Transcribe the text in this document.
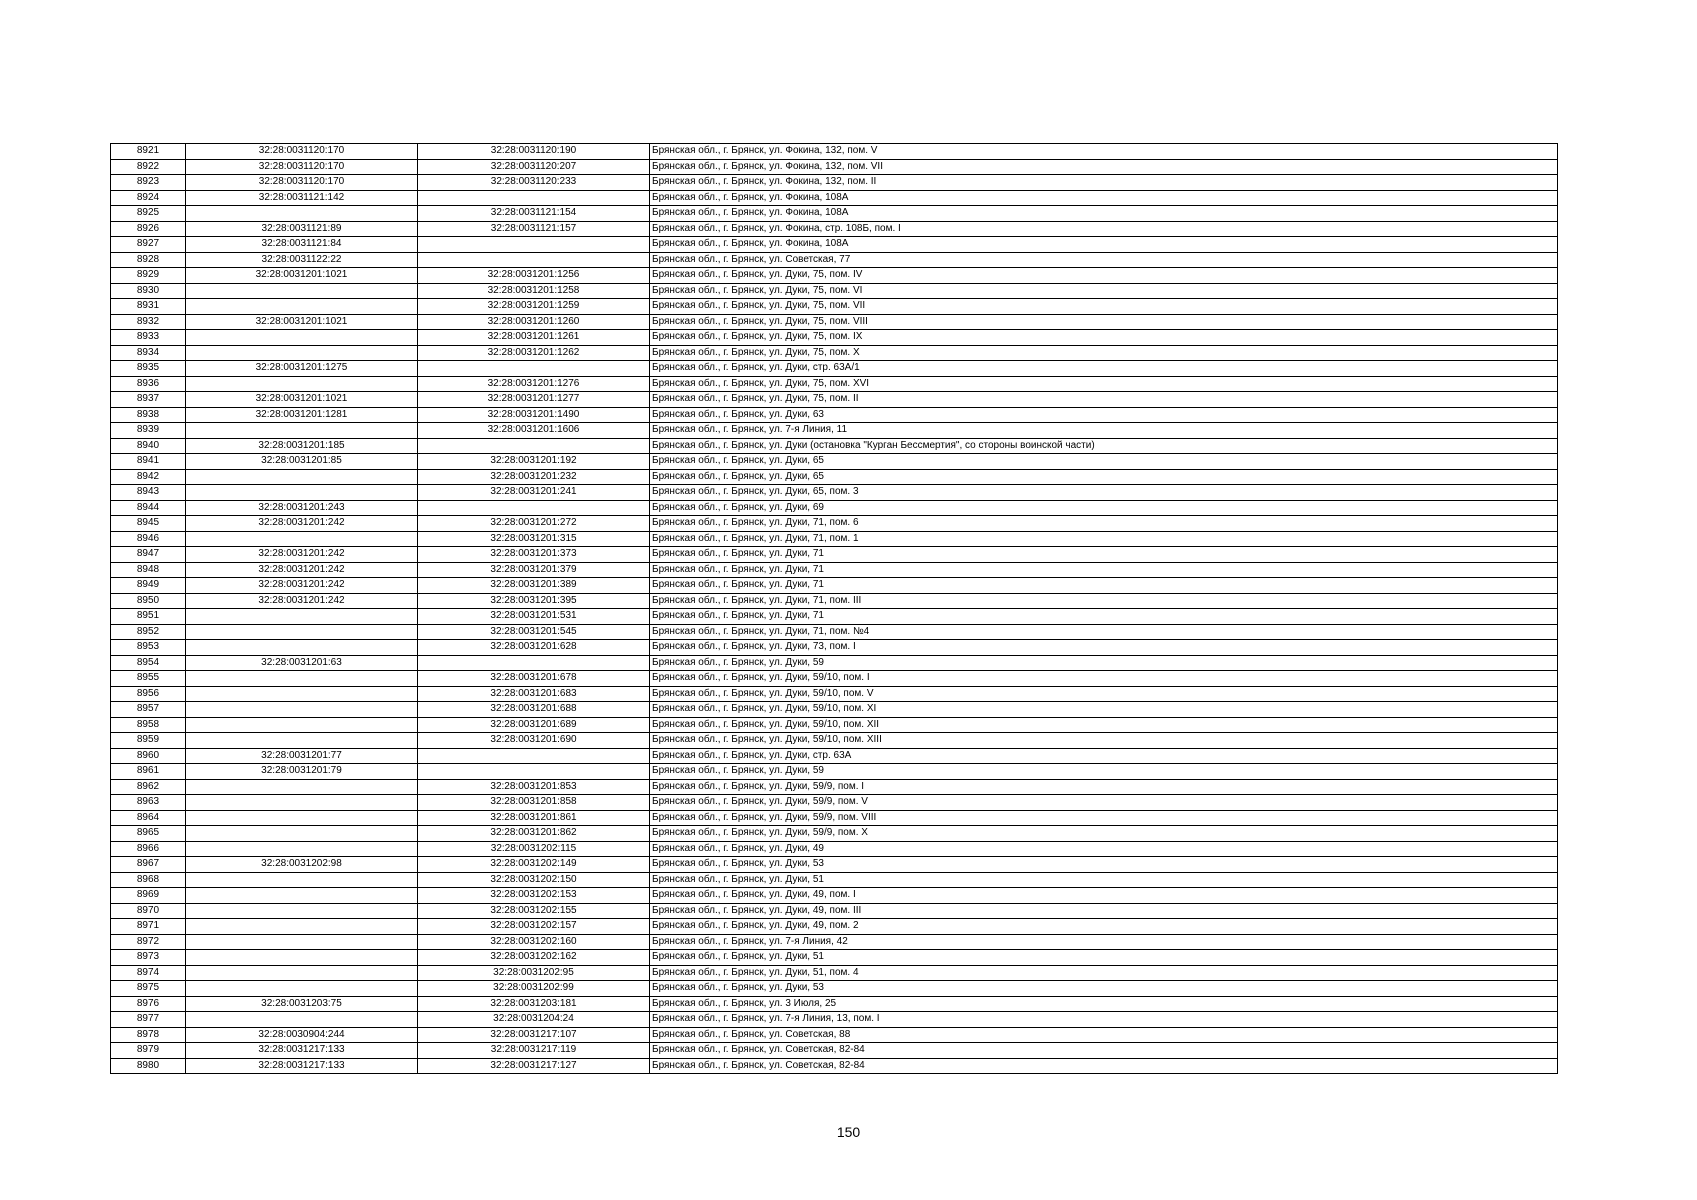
8921	32:28:0031120:170	32:28:0031120:190	Брянская обл., г. Брянск, ул. Фокина, 132, пом. V
8922	32:28:0031120:170	32:28:0031120:207	Брянская обл., г. Брянск, ул. Фокина, 132, пом. VII
8923	32:28:0031120:170	32:28:0031120:233	Брянская обл., г. Брянск, ул. Фокина, 132, пом. II
8924	32:28:0031121:142		Брянская обл., г. Брянск, ул. Фокина, 108А
8925		32:28:0031121:154	Брянская обл., г. Брянск, ул. Фокина, 108А
8926	32:28:0031121:89	32:28:0031121:157	Брянская обл., г. Брянск, ул. Фокина, стр. 108Б, пом. I
8927	32:28:0031121:84		Брянская обл., г. Брянск, ул. Фокина, 108А
8928	32:28:0031122:22		Брянская обл., г. Брянск, ул. Советская, 77
8929	32:28:0031201:1021	32:28:0031201:1256	Брянская обл., г. Брянск, ул. Дуки, 75, пом. IV
8930		32:28:0031201:1258	Брянская обл., г. Брянск, ул. Дуки, 75, пом. VI
8931		32:28:0031201:1259	Брянская обл., г. Брянск, ул. Дуки, 75, пом. VII
8932	32:28:0031201:1021	32:28:0031201:1260	Брянская обл., г. Брянск, ул. Дуки, 75, пом. VIII
8933		32:28:0031201:1261	Брянская обл., г. Брянск, ул. Дуки, 75, пом. IX
8934		32:28:0031201:1262	Брянская обл., г. Брянск, ул. Дуки, 75, пом. X
8935	32:28:0031201:1275		Брянская обл., г. Брянск, ул. Дуки, стр. 63А/1
8936		32:28:0031201:1276	Брянская обл., г. Брянск, ул. Дуки, 75, пом. XVI
8937	32:28:0031201:1021	32:28:0031201:1277	Брянская обл., г. Брянск, ул. Дуки, 75, пом. II
8938	32:28:0031201:1281	32:28:0031201:1490	Брянская обл., г. Брянск, ул. Дуки, 63
8939		32:28:0031201:1606	Брянская обл., г. Брянск, ул. 7-я Линия, 11
8940	32:28:0031201:185		Брянская обл., г. Брянск, ул. Дуки (остановка "Курган Бессмертия", со стороны воинской части)
8941	32:28:0031201:85	32:28:0031201:192	Брянская обл., г. Брянск, ул. Дуки, 65
8942		32:28:0031201:232	Брянская обл., г. Брянск, ул. Дуки, 65
8943		32:28:0031201:241	Брянская обл., г. Брянск, ул. Дуки, 65, пом. 3
8944	32:28:0031201:243		Брянская обл., г. Брянск, ул. Дуки, 69
8945	32:28:0031201:242	32:28:0031201:272	Брянская обл., г. Брянск, ул. Дуки, 71, пом. 6
8946		32:28:0031201:315	Брянская обл., г. Брянск, ул. Дуки, 71, пом. 1
8947	32:28:0031201:242	32:28:0031201:373	Брянская обл., г. Брянск, ул. Дуки, 71
8948	32:28:0031201:242	32:28:0031201:379	Брянская обл., г. Брянск, ул. Дуки, 71
8949	32:28:0031201:242	32:28:0031201:389	Брянская обл., г. Брянск, ул. Дуки, 71
8950	32:28:0031201:242	32:28:0031201:395	Брянская обл., г. Брянск, ул. Дуки, 71, пом. III
8951		32:28:0031201:531	Брянская обл., г. Брянск, ул. Дуки, 71
8952		32:28:0031201:545	Брянская обл., г. Брянск, ул. Дуки, 71, пом. №4
8953		32:28:0031201:628	Брянская обл., г. Брянск, ул. Дуки, 73, пом. I
8954	32:28:0031201:63		Брянская обл., г. Брянск, ул. Дуки, 59
8955		32:28:0031201:678	Брянская обл., г. Брянск, ул. Дуки, 59/10, пом. I
8956		32:28:0031201:683	Брянская обл., г. Брянск, ул. Дуки, 59/10, пом. V
8957		32:28:0031201:688	Брянская обл., г. Брянск, ул. Дуки, 59/10, пом. XI
8958		32:28:0031201:689	Брянская обл., г. Брянск, ул. Дуки, 59/10, пом. XII
8959		32:28:0031201:690	Брянская обл., г. Брянск, ул. Дуки, 59/10, пом. XIII
8960	32:28:0031201:77		Брянская обл., г. Брянск, ул. Дуки, стр. 63А
8961	32:28:0031201:79		Брянская обл., г. Брянск, ул. Дуки, 59
8962		32:28:0031201:853	Брянская обл., г. Брянск, ул. Дуки, 59/9, пом. I
8963		32:28:0031201:858	Брянская обл., г. Брянск, ул. Дуки, 59/9, пом. V
8964		32:28:0031201:861	Брянская обл., г. Брянск, ул. Дуки, 59/9, пом. VIII
8965		32:28:0031201:862	Брянская обл., г. Брянск, ул. Дуки, 59/9, пом. X
8966		32:28:0031202:115	Брянская обл., г. Брянск, ул. Дуки, 49
8967	32:28:0031202:98	32:28:0031202:149	Брянская обл., г. Брянск, ул. Дуки, 53
8968		32:28:0031202:150	Брянская обл., г. Брянск, ул. Дуки, 51
8969		32:28:0031202:153	Брянская обл., г. Брянск, ул. Дуки, 49, пом. I
8970		32:28:0031202:155	Брянская обл., г. Брянск, ул. Дуки, 49, пом. III
8971		32:28:0031202:157	Брянская обл., г. Брянск, ул. Дуки, 49, пом. 2
8972		32:28:0031202:160	Брянская обл., г. Брянск, ул. 7-я Линия, 42
8973		32:28:0031202:162	Брянская обл., г. Брянск, ул. Дуки, 51
8974		32:28:0031202:95	Брянская обл., г. Брянск, ул. Дуки, 51, пом. 4
8975		32:28:0031202:99	Брянская обл., г. Брянск, ул. Дуки, 53
8976	32:28:0031203:75	32:28:0031203:181	Брянская обл., г. Брянск, ул. 3 Июля, 25
8977		32:28:0031204:24	Брянская обл., г. Брянск, ул. 7-я Линия, 13, пом. I
8978	32:28:0030904:244	32:28:0031217:107	Брянская обл., г. Брянск, ул. Советская, 88
8979	32:28:0031217:133	32:28:0031217:119	Брянская обл., г. Брянск, ул. Советская, 82-84
8980	32:28:0031217:133	32:28:0031217:127	Брянская обл., г. Брянск, ул. Советская, 82-84
150
